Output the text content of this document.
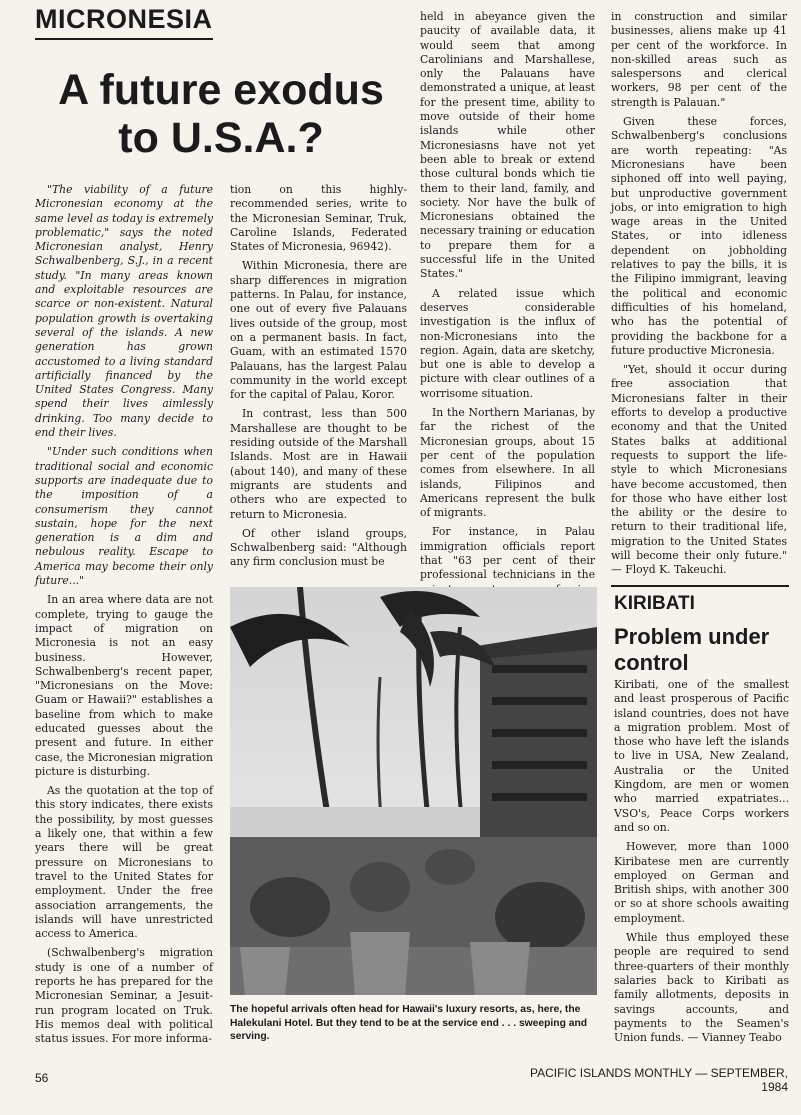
MICRONESIA
A future exodus
to U.S.A.?

"The viability of a future Micronesian economy at the same level as today is extremely problematic," says the noted Micronesian analyst, Henry Schwalbenberg, S.J., in a recent study. "In many areas known and exploitable resources are scarce or non-existent. Natural population growth is overtaking several of the islands. A new generation has grown accustomed to a living standard artificially financed by the United States Congress. Many spend their lives aimlessly drinking. Too many decide to end their lives.

"Under such conditions when traditional social and economic supports are inadequate due to the imposition of a consumerism they cannot sustain, hope for the next generation is a dim and nebulous reality. Escape to America may become their only future..."

In an area where data are not complete, trying to gauge the impact of migration on Micronesia is not an easy business. However, Schwalbenberg's recent paper, "Micronesians on the Move: Guam or Hawaii?" establishes a baseline from which to make educated guesses about the present and future. In either case, the Micronesian migration picture is disturbing.

As the quotation at the top of this story indicates, there exists the possibility, by most guesses a likely one, that within a few years there will be great pressure on Micronesians to travel to the United States for employment. Under the free association arrangements, the islands will have unrestricted access to America.

(Schwalbenberg's migration study is one of a number of reports he has prepared for the Micronesian Seminar, a Jesuit-run program located on Truk. His memos deal with political status issues. For more informa-

tion on this highly-recommended series, write to the Micronesian Seminar, Truk, Caroline Islands, Federated States of Micronesia, 96942).

Within Micronesia, there are sharp differences in migration patterns. In Palau, for instance, one out of every five Palauans lives outside of the group, most on a permanent basis. In fact, Guam, with an estimated 1570 Palauans, has the largest Palau community in the world except for the capital of Palau, Koror.

In contrast, less than 500 Marshallese are thought to be residing outside of the Marshall Islands. Most are in Hawaii (about 140), and many of these migrants are students and others who are expected to return to Micronesia.

Of other island groups, Schwalbenberg said: "Although any firm conclusion must be

held in abeyance given the paucity of available data, it would seem that among Carolinians and Marshallese, only the Palauans have demonstrated a unique, at least for the present time, ability to move outside of their home islands while other Micronesiasns have not yet been able to break or extend those cultural bonds which tie them to their land, family, and society. Nor have the bulk of Micronesians obtained the necessary training or education to prepare them for a successful life in the United States."

A related issue which deserves considerable investigation is the influx of non-Micronesians into the region. Again, data are sketchy, but one is able to develop a picture with clear outlines of a worrisome situation.

In the Northern Marianas, by far the richest of the Micronesian groups, about 15 per cent of the population comes from elsewhere. In all islands, Filipinos and Americans represent the bulk of migrants.

For instance, in Palau immigration officials report that "63 per cent of their professional technicians in the

in construction and similar businesses, aliens make up 41 per cent of the workforce. In non-skilled areas such as salespersons and clerical workers, 98 per cent of the strength is Palauan."

Given these forces, Schwalbenberg's conclusions are worth repeating: "As Micronesians have been siphoned off into well paying, but unproductive government jobs, or into emigration to high wage areas in the United States, or into idleness dependent on jobholding relatives to pay the bills, it is the Filipino immigrant, leaving the political and economic difficulties of his homeland, who has the potential of providing the backbone for a future productive Micronesia.

"Yet, should it occur during free association that Micronesians falter in their efforts to develop a productive economy and that the United States balks at additional requests to support the life-style to which Micronesians have become accustomed, then for those who have either lost the ability or the desire to return to their traditional life, migration to the United States will become their only future." — Floyd K. Takeuchi.

The hopeful arrivals often head for Hawaii's luxury resorts, as, here, the Halekulani Hotel. But they tend to be at the service end . . . sweeping and serving.
KIRIBATI
Problem under
control

Kiribati, one of the smallest and least prosperous of Pacific island countries, does not have a migration problem. Most of those who have left the islands to live in USA, New Zealand, Australia or the United Kingdom, are men or women who married expatriates... VSO's, Peace Corps workers and so on.

However, more than 1000 Kiribatese men are currently employed on German and British ships, with another 300 or so at shore schools awaiting employment.

While thus employed these people are required to send three-quarters of their monthly salaries back to Kiribati as family allotments, deposits in savings accounts, and payments to the Seamen's Union funds. — Vianney Teabo

56	PACIFIC ISLANDS MONTHLY — SEPTEMBER, 1984
